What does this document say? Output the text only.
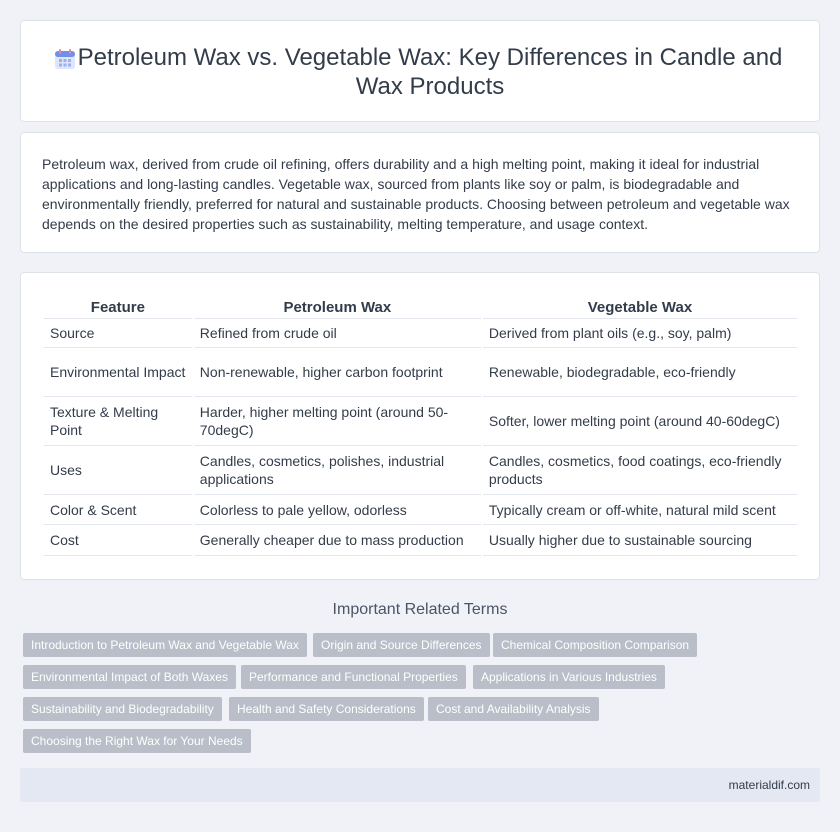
Petroleum Wax vs. Vegetable Wax: Key Differences in Candle and Wax Products

Petroleum wax, derived from crude oil refining, offers durability and a high melting point, making it ideal for industrial applications and long-lasting candles. Vegetable wax, sourced from plants like soy or palm, is biodegradable and environmentally friendly, preferred for natural and sustainable products. Choosing between petroleum and vegetable wax depends on the desired properties such as sustainability, melting temperature, and usage context.

Feature	Petroleum Wax	Vegetable Wax
Source	Refined from crude oil	Derived from plant oils (e.g., soy, palm)
Environmental Impact	Non-renewable, higher carbon footprint	Renewable, biodegradable, eco-friendly
Texture & Melting Point	Harder, higher melting point (around 50-70degC)	Softer, lower melting point (around 40-60degC)
Uses	Candles, cosmetics, polishes, industrial applications	Candles, cosmetics, food coatings, eco-friendly products
Color & Scent	Colorless to pale yellow, odorless	Typically cream or off-white, natural mild scent
Cost	Generally cheaper due to mass production	Usually higher due to sustainable sourcing
Important Related Terms
Introduction to Petroleum Wax and Vegetable Wax	Origin and Source Differences	Chemical Composition Comparison
Environmental Impact of Both Waxes	Performance and Functional Properties	Applications in Various Industries
Sustainability and Biodegradability	Health and Safety Considerations	Cost and Availability Analysis
Choosing the Right Wax for Your Needs
materialdif.com
